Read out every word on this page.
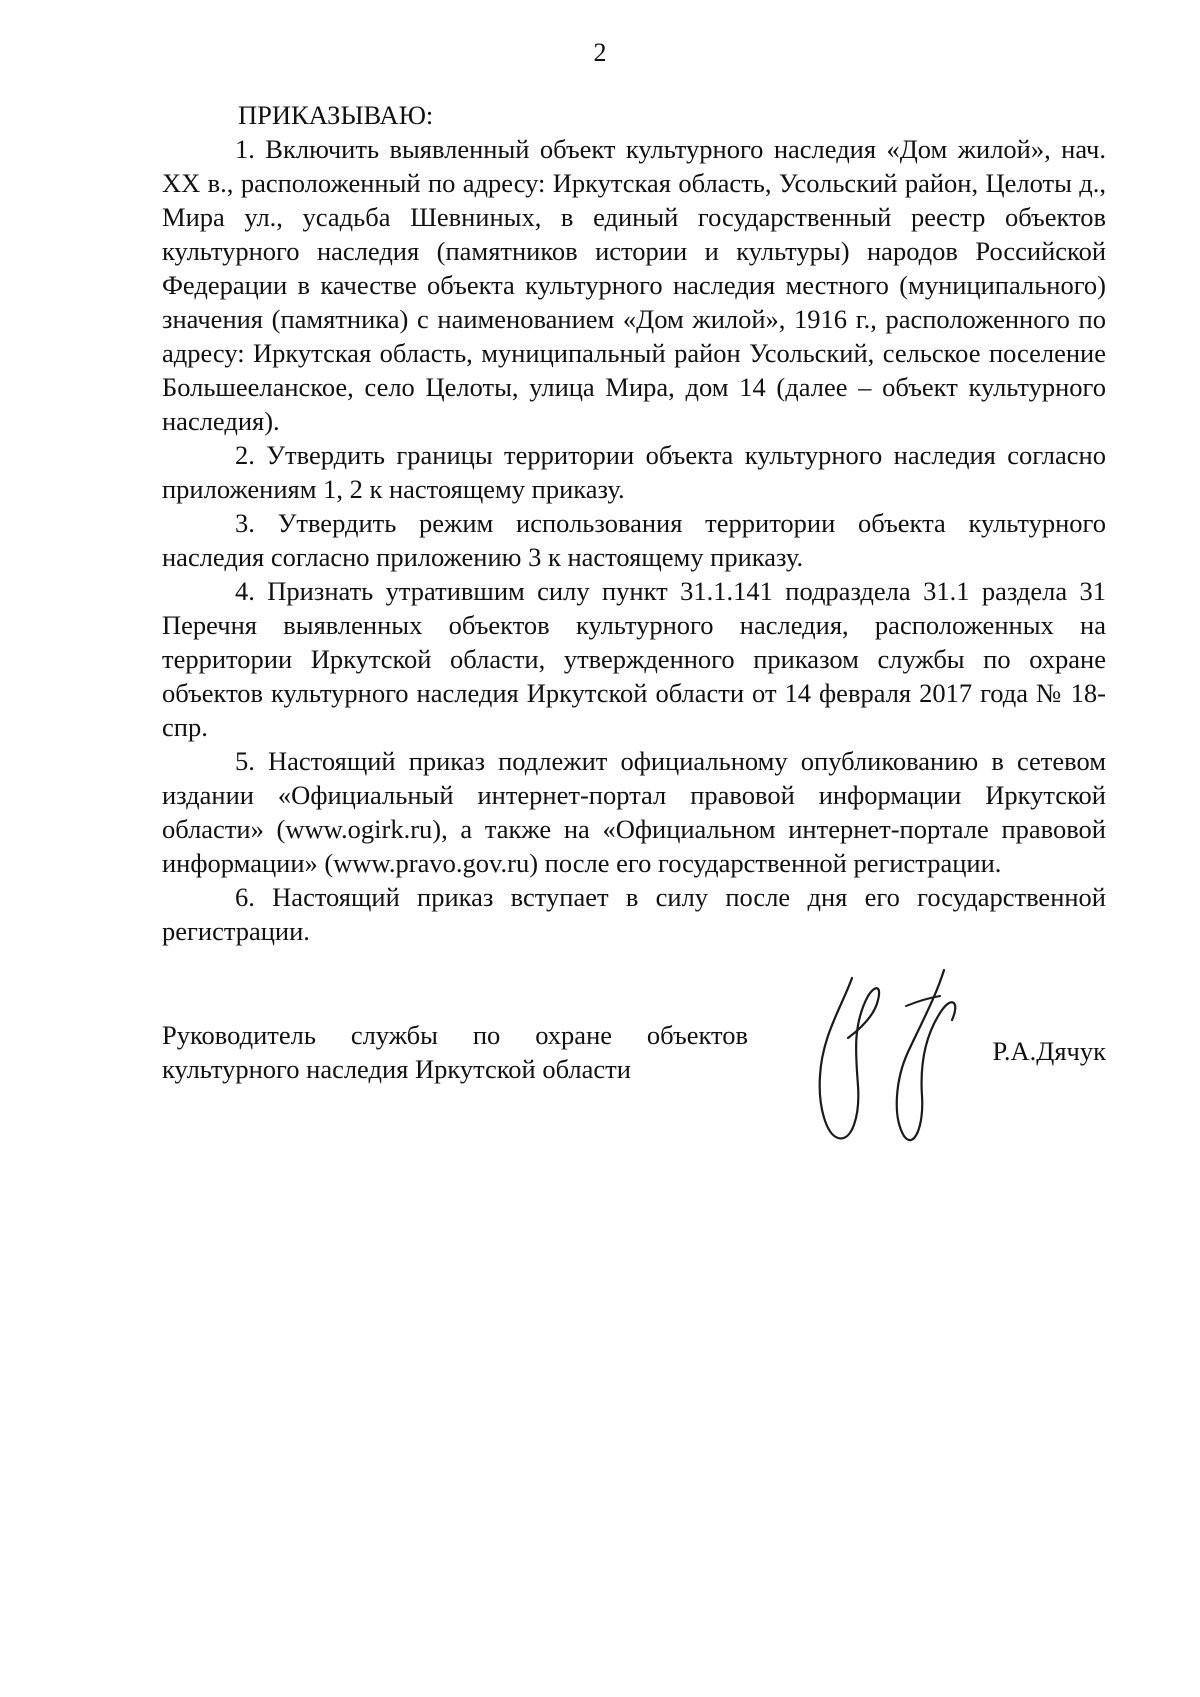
2

ПРИКАЗЫВАЮ:

1. Включить выявленный объект культурного наследия «Дом жилой», нач. XX в., расположенный по адресу: Иркутская область, Усольский район, Целоты д., Мира ул., усадьба Шевниных, в единый государственный реестр объектов культурного наследия (памятников истории и культуры) народов Российской Федерации в качестве объекта культурного наследия местного (муниципального) значения (памятника) с наименованием «Дом жилой», 1916 г., расположенного по адресу: Иркутская область, муниципальный район Усольский, сельское поселение Большееланское, село Целоты, улица Мира, дом 14 (далее – объект культурного наследия).
2. Утвердить границы территории объекта культурного наследия согласно приложениям 1, 2 к настоящему приказу.
3. Утвердить режим использования территории объекта культурного наследия согласно приложению 3 к настоящему приказу.
4. Признать утратившим силу пункт 31.1.141 подраздела 31.1 раздела 31 Перечня выявленных объектов культурного наследия, расположенных на территории Иркутской области, утвержденного приказом службы по охране объектов культурного наследия Иркутской области от 14 февраля 2017 года № 18-спр.
5. Настоящий приказ подлежит официальному опубликованию в сетевом издании «Официальный интернет-портал правовой информации Иркутской области» (www.ogirk.ru), а также на «Официальном интернет-портале правовой информации» (www.pravo.gov.ru) после его государственной регистрации.
6. Настоящий приказ вступает в силу после дня его государственной регистрации.
Руководитель службы по охране объектов культурного наследия Иркутской области
Р.А.Дячук
